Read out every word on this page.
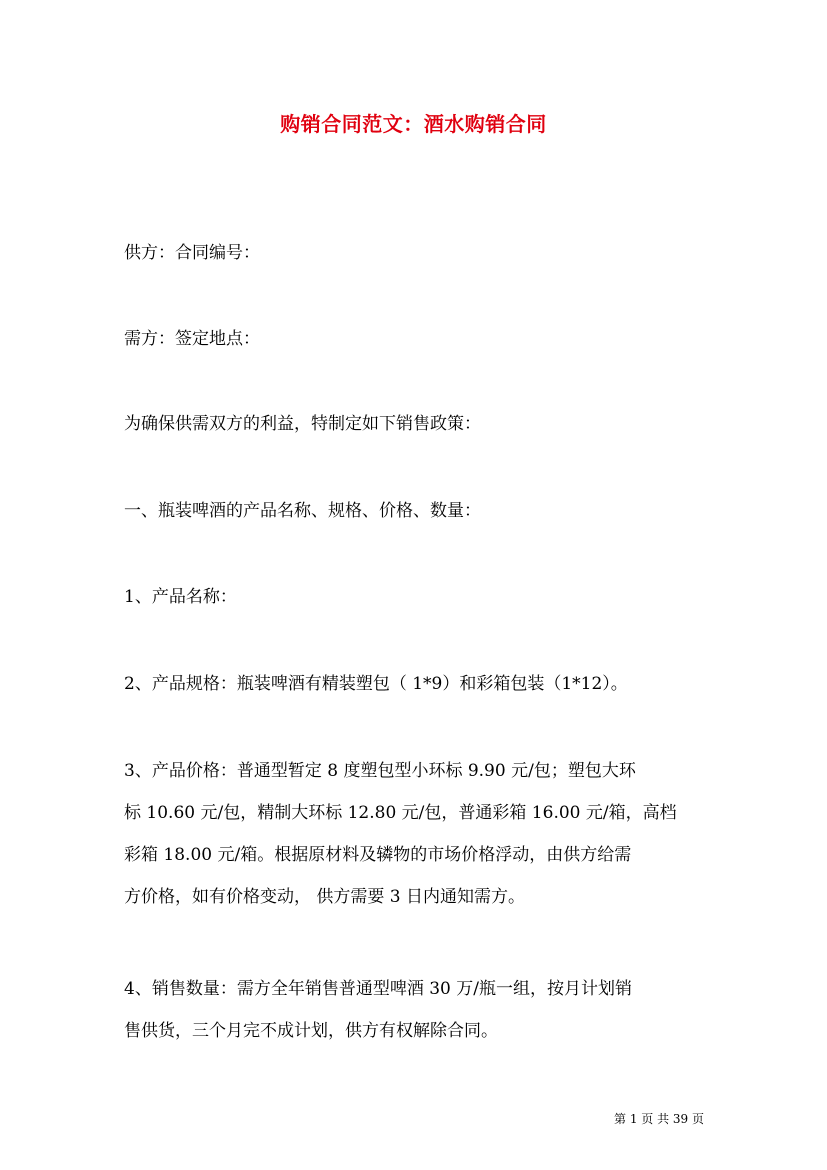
购销合同范文：酒水购销合同

供方：合同编号：

需方：签定地点：

为确保供需双方的利益，特制定如下销售政策：

一、瓶装啤酒的产品名称、规格、价格、数量：

1、产品名称：

2、产品规格：瓶装啤酒有精装塑包（ 1*9）和彩箱包装（1*12）。

3、产品价格：普通型暂定 8 度塑包型小环标 9.90 元/包；塑包大环
标 10.60 元/包，精制大环标 12.80 元/包，普通彩箱 16.00 元/箱，高档
彩箱 18.00 元/箱。根据原材料及辚物的市场价格浮动，由供方给需
方价格，如有价格变动， 供方需要 3 日内通知需方。
4、销售数量：需方全年销售普通型啤酒 30 万/瓶一组，按月计划销
售供货，三个月完不成计划，供方有权解除合同。
第 1 页 共 39 页
